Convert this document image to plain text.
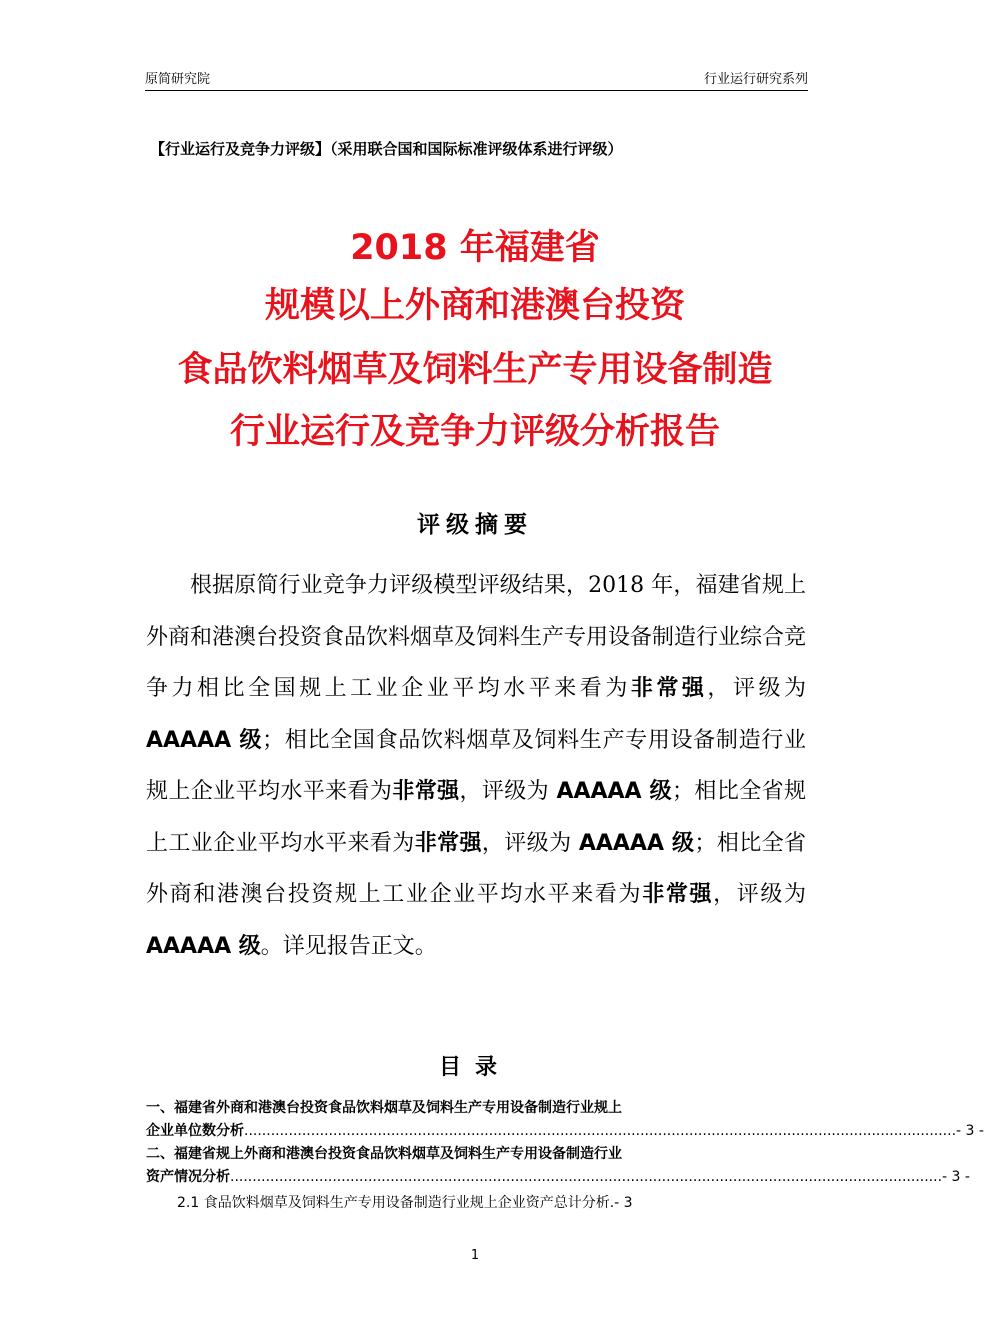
原简研究院	行业运行研究系列
【行业运行及竞争力评级】（采用联合国和国际标准评级体系进行评级）
2018 年福建省
规模以上外商和港澳台投资
食品饮料烟草及饲料生产专用设备制造
行业运行及竞争力评级分析报告
评级摘要

根据原简行业竞争力评级模型评级结果，2018 年，福建省规上外商和港澳台投资食品饮料烟草及饲料生产专用设备制造行业综合竞争力相比全国规上工业企业平均水平来看为非常强，评级为 AAAAA 级；相比全国食品饮料烟草及饲料生产专用设备制造行业规上企业平均水平来看为非常强，评级为 AAAAA 级；相比全省规上工业企业平均水平来看为非常强，评级为 AAAAA 级；相比全省外商和港澳台投资规上工业企业平均水平来看为非常强，评级为 AAAAA 级。详见报告正文。

目录
一、福建省外商和港澳台投资食品饮料烟草及饲料生产专用设备制造行业规上
企业单位数分析 ................................................................................................................................................................ - 3 -
二、福建省规上外商和港澳台投资食品饮料烟草及饲料生产专用设备制造行业
资产情况分析 ................................................................................................................................................................ - 3 -
2.1 食品饮料烟草及饲料生产专用设备制造行业规上企业资产总计分析 . - 3
1
